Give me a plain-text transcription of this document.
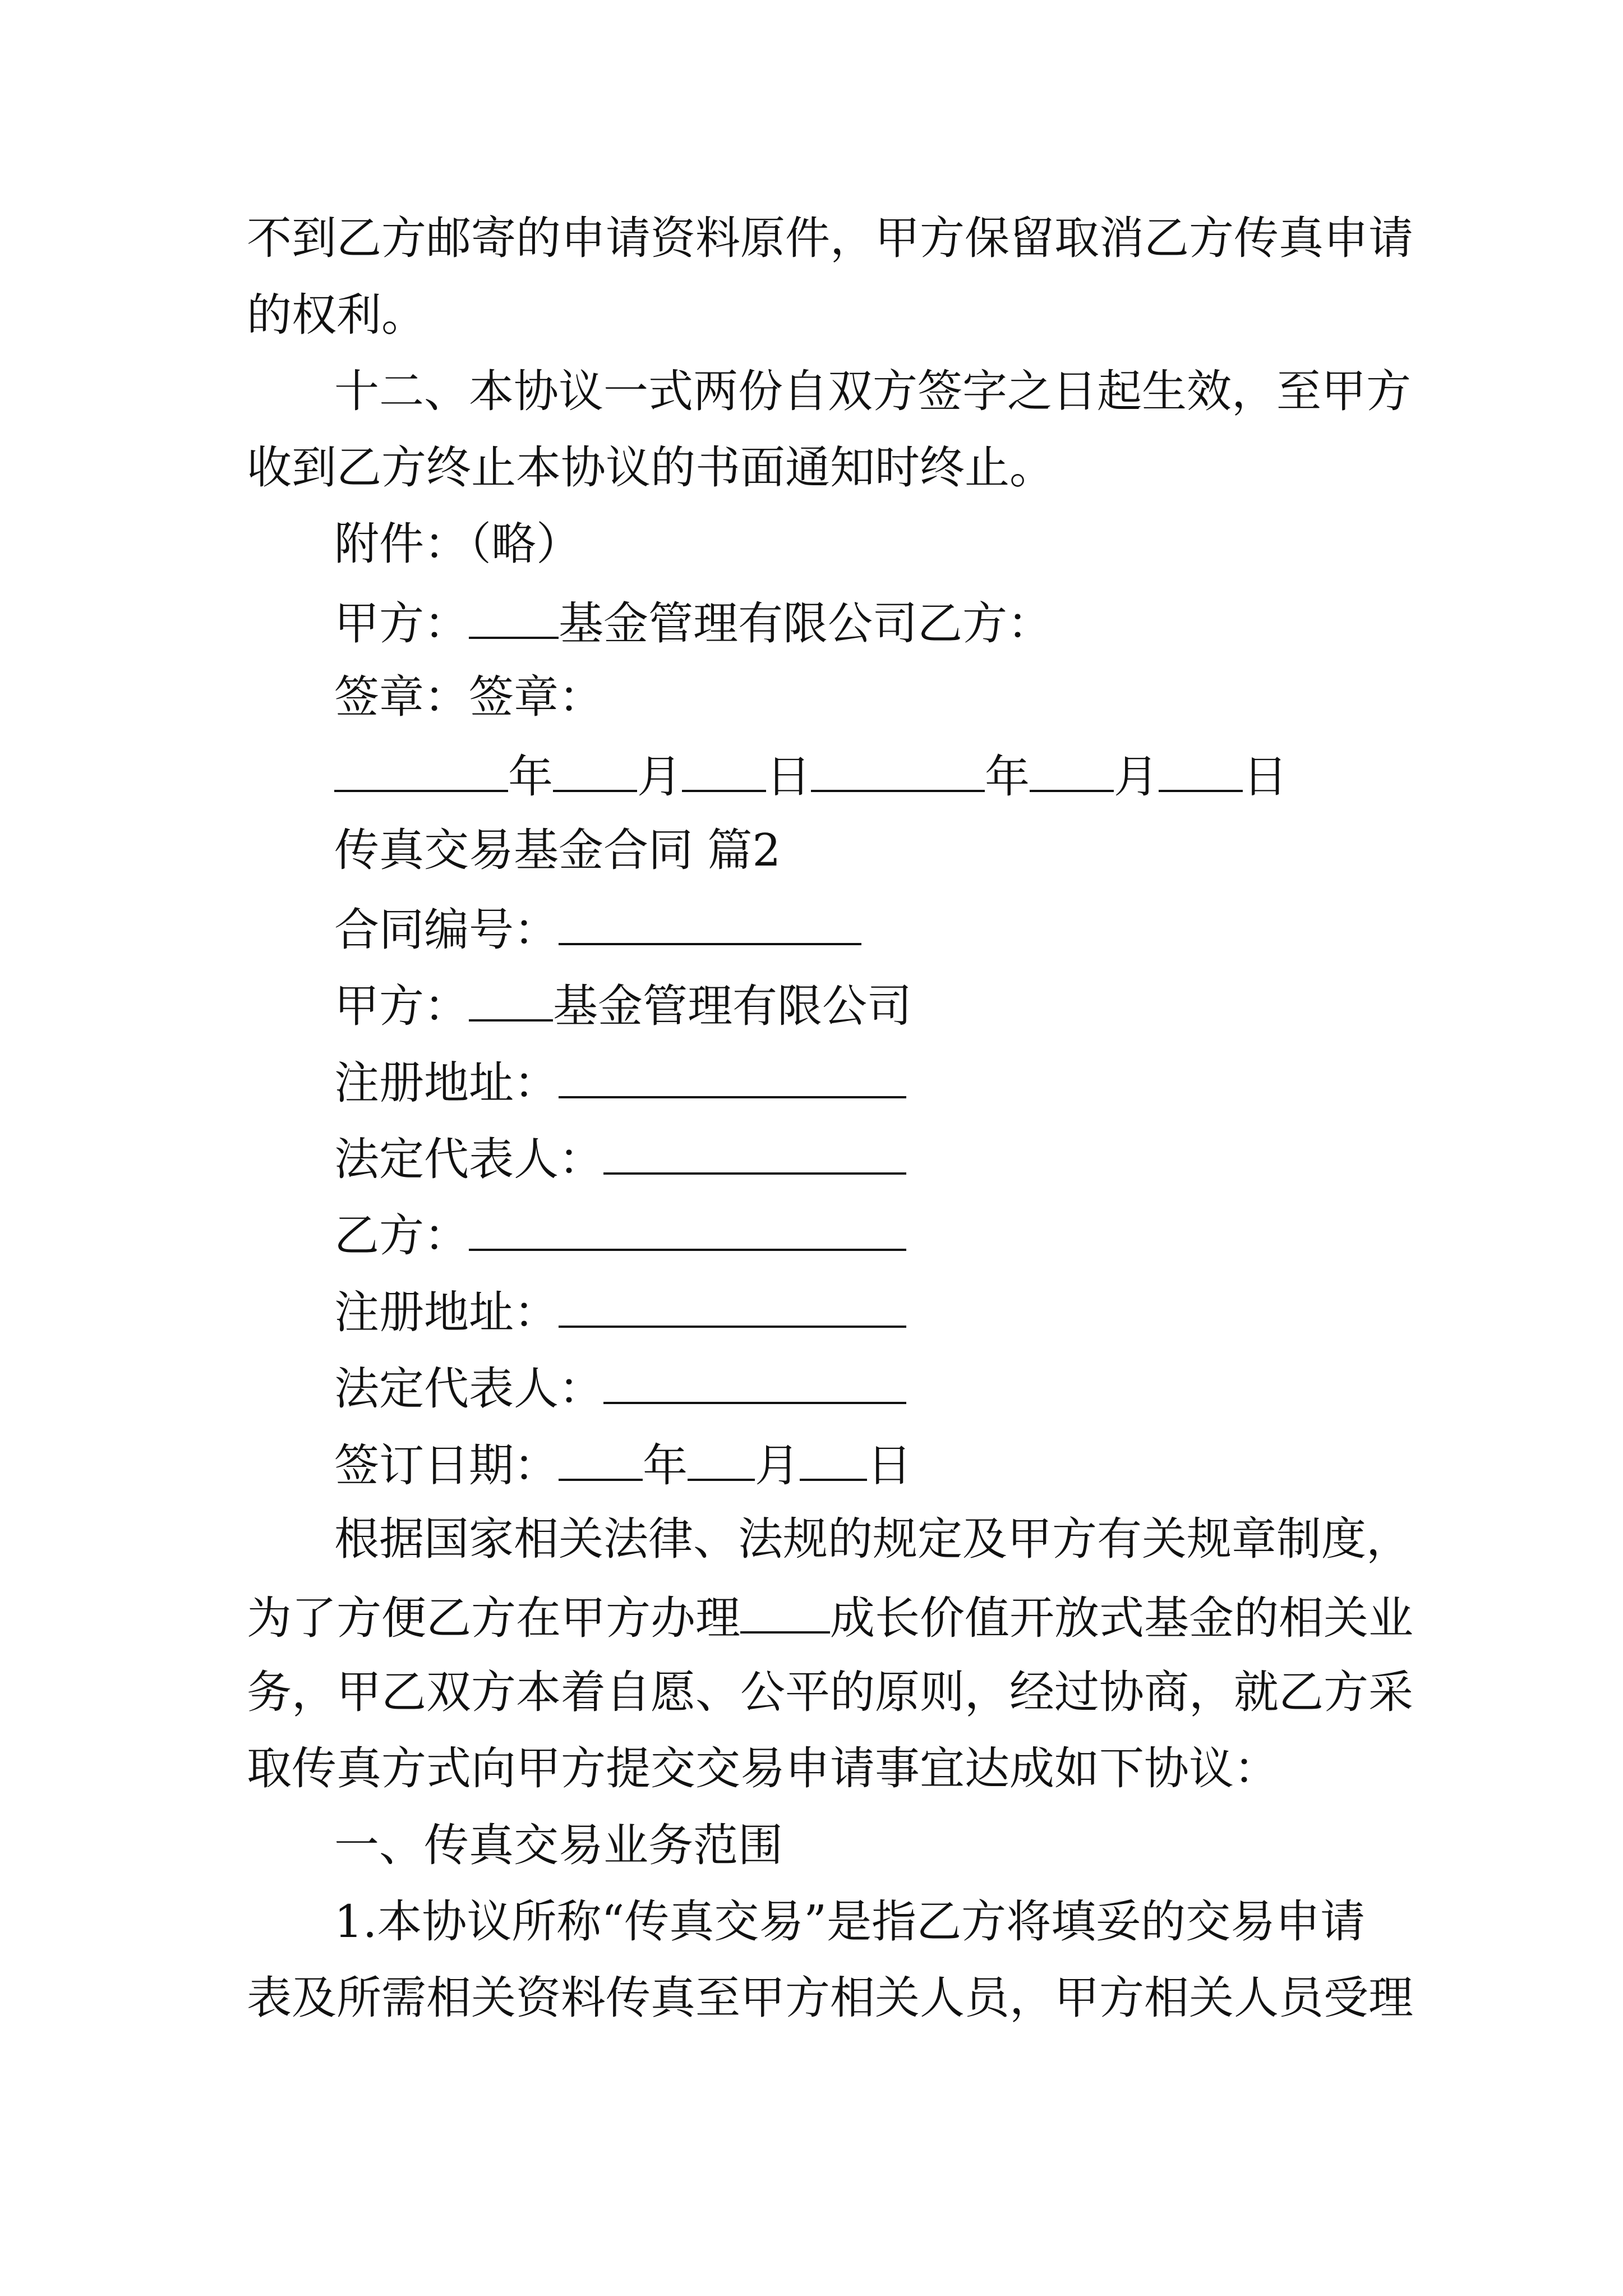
不到乙方邮寄的申请资料原件，甲方保留取消乙方传真申请
的权利。
十二、本协议一式两份自双方签字之日起生效，至甲方
收到乙方终止本协议的书面通知时终止。
附件：（略）
甲方： 基金管理有限公司乙方：
签章：签章：
年 月 日	年 月 日
传真交易基金合同 篇2
合同编号：
甲方： 基金管理有限公司
注册地址：
法定代表人：
乙方：
注册地址：
法定代表人：
签订日期： 年 月 日
根据国家相关法律、法规的规定及甲方有关规章制度，
为了方便乙方在甲方办理 成长价值开放式基金的相关业
务，甲乙双方本着自愿、公平的原则，经过协商，就乙方采
取传真方式向甲方提交交易申请事宜达成如下协议：
一、传真交易业务范围
1.本协议所称“传真交易”是指乙方将填妥的交易申请
表及所需相关资料传真至甲方相关人员，甲方相关人员受理
